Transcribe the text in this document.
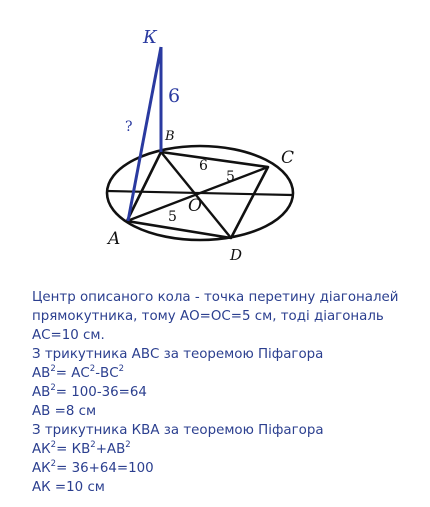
К
A
B
C
D
O
6
?
6
5
5
Центр описаного кола - точка перетину діагоналей
прямокутника, тому АО=ОС=5 см, тоді діагональ
АС=10 см.
З трикутника АВС за теоремою Піфагора
$АВ^2= АС^2-ВС^2$
$АВ^2= 100-36=64$
АВ =8 см
З трикутника КВА за теоремою Піфагора
$АК^2= КВ^2+АВ^2$
$АК^2= 36+64=100$
АК =10 см
